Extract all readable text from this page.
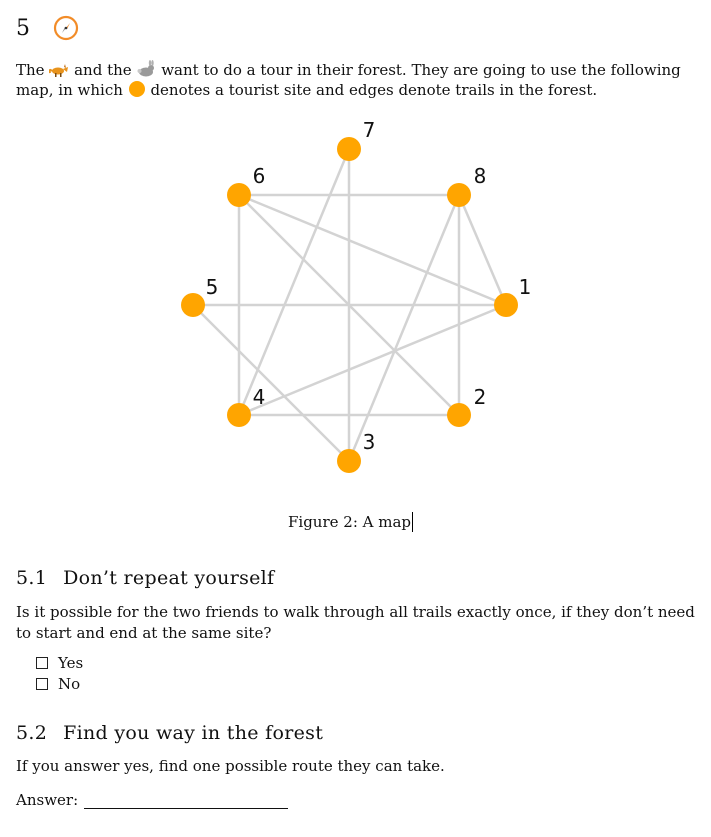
5
The and the want to do a tour in their forest. They are going to use the following map, in which denotes a tourist site and edges denote trails in the forest.
1
2
3
4
5
6
7
8
Figure 2: A map
5.1 Don’t repeat yourself
Is it possible for the two friends to walk through all trails exactly once, if they don’t need to start and end at the same site?
Yes
No
5.2 Find you way in the forest
If you answer yes, find one possible route they can take.
Answer:
